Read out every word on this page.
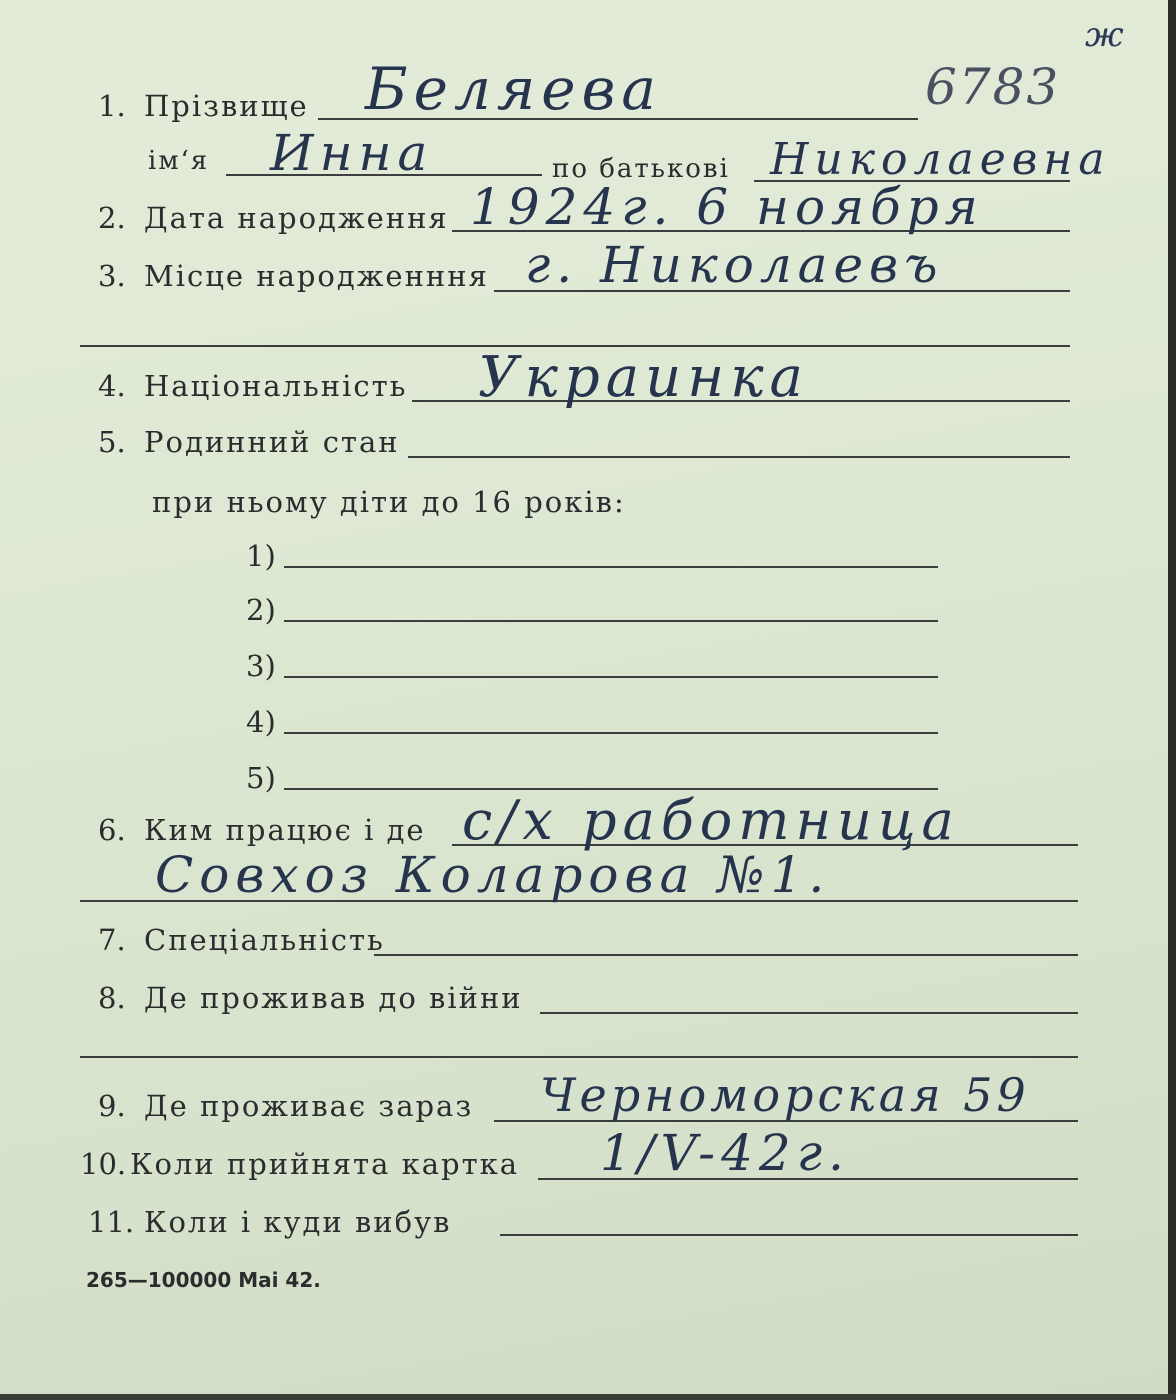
ж
6783
1. Прізвище Беляева
ім‘я Инна	по батькові Николаевна
2. Дата народження 1924г. 6 ноября
3. Місце народженння г. Николаевъ
4. Національність Украинка
5. Родинний стан
при ньому діти до 16 років:
1)
2)
3)
4)
5)
6. Ким працює і де с/х работница
Совхоз Коларова №1.
7. Спеціальність
8. Де проживав до війни
9. Де проживає зараз Черноморская 59
10. Коли прийнята картка 1/V-42г.
11. Коли і куди вибув
265—100000 Mai 42.
